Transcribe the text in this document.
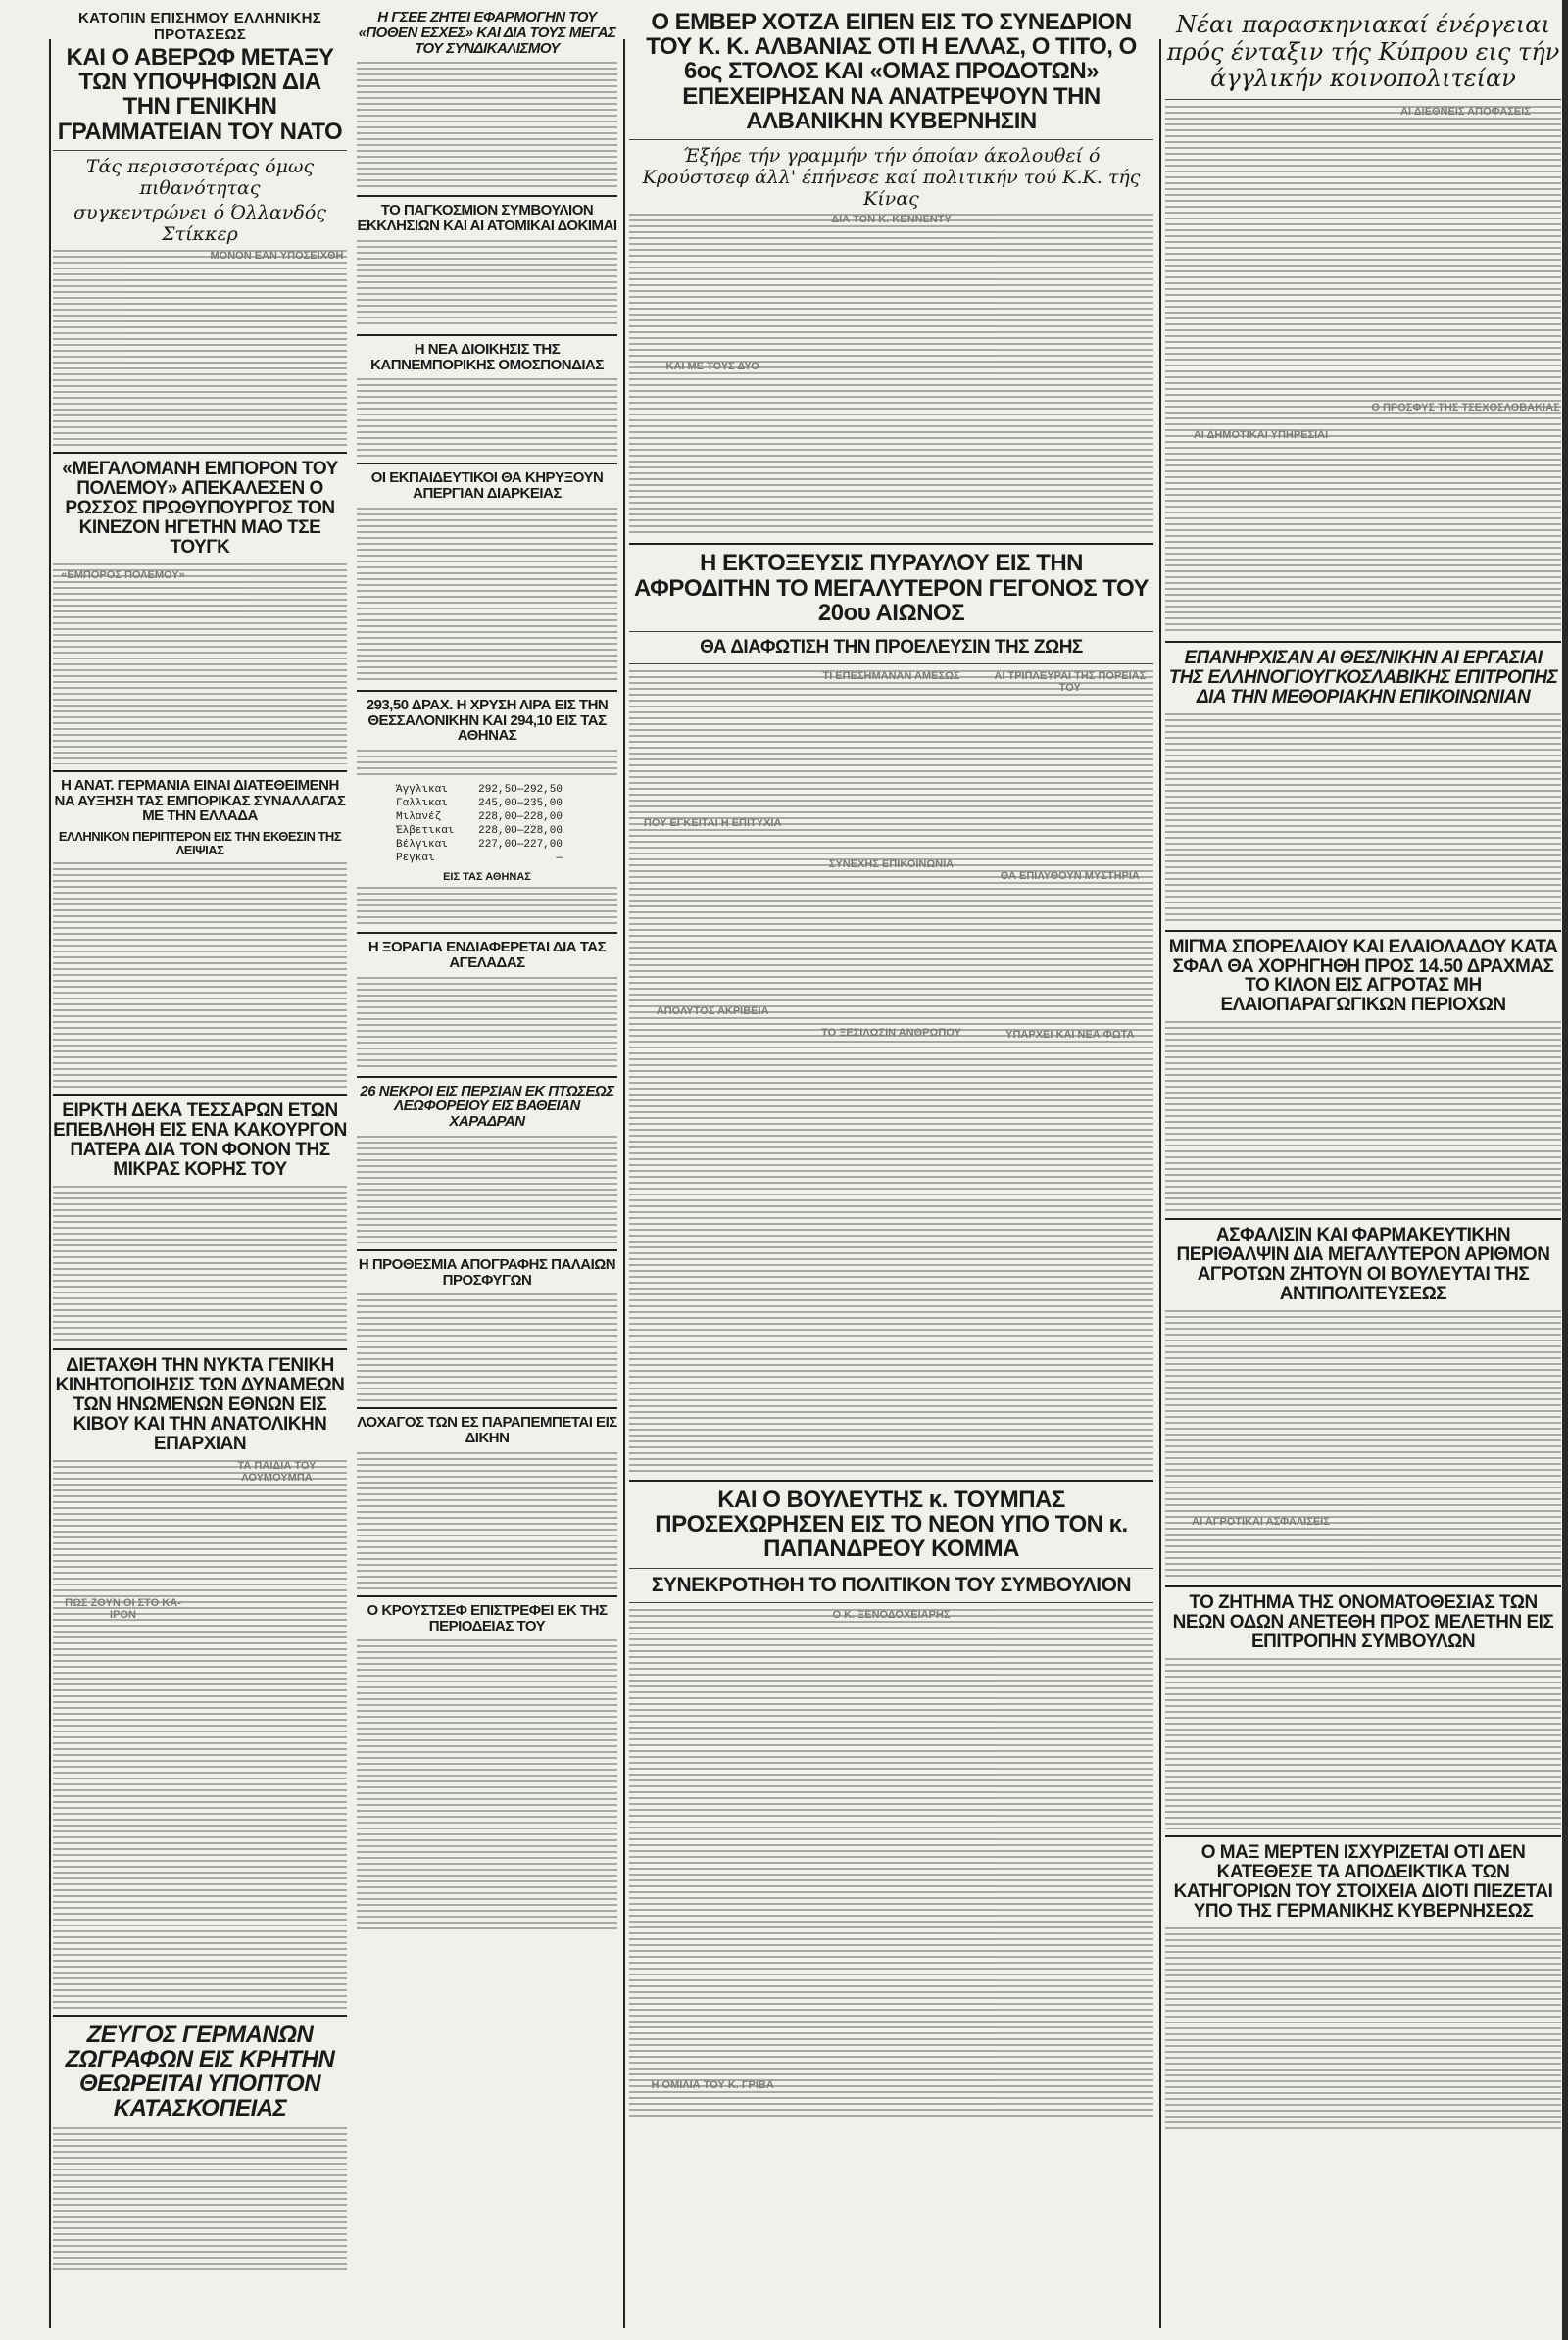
ΚΑΤΟΠΙΝ ΕΠΙΣΗΜΟΥ ΕΛΛΗΝΙΚΗΣ ΠΡΟΤΑΣΕΩΣ
ΚΑΙ Ο ΑΒΕΡΩΦ ΜΕΤΑΞΥ ΤΩΝ ΥΠΟΨΗΦΙΩΝ ΔΙΑ ΤΗΝ ΓΕΝΙΚΗΝ ΓΡΑΜΜΑΤΕΙΑΝ ΤΟΥ ΝΑΤΟ
Τάς περισσοτέρας όμως πιθανότητας
συγκεντρώνει ό Όλλανδός Στίκκερ

ΜΟΝΟΝ ΕΑΝ ΥΠΟΣΕΙΧΘΗ
«ΜΕΓΑΛΟΜΑΝΗ ΕΜΠΟΡΟΝ ΤΟΥ ΠΟΛΕΜΟΥ» ΑΠΕΚΑΛΕΣΕΝ Ο ΡΩΣΣΟΣ ΠΡΩΘΥΠΟΥΡΓΟΣ ΤΟΝ ΚΙΝΕΖΟΝ ΗΓΕΤΗΝ ΜΑΟ ΤΣΕ ΤΟΥΓΚ
«ΕΜΠΟΡΟΣ ΠΟΛΕΜΟΥ»
Η ΑΝΑΤ. ΓΕΡΜΑΝΙΑ ΕΙΝΑΙ ΔΙΑΤΕΘΕΙΜΕΝΗ ΝΑ ΑΥΞΗΣΗ ΤΑΣ ΕΜΠΟΡΙΚΑΣ ΣΥΝΑΛΛΑΓΑΣ ΜΕ ΤΗΝ ΕΛΛΑΔΑ
ΕΛΛΗΝΙΚΟΝ ΠΕΡΙΠΤΕΡΟΝ ΕΙΣ ΤΗΝ ΕΚΘΕΣΙΝ ΤΗΣ ΛΕΙΨΙΑΣ
ΕΙΡΚΤΗ ΔΕΚΑ ΤΕΣΣΑΡΩΝ ΕΤΩΝ ΕΠΕΒΛΗΘΗ ΕΙΣ ΕΝΑ ΚΑΚΟΥΡΓΟΝ ΠΑΤΕΡΑ ΔΙΑ ΤΟΝ ΦΟΝΟΝ ΤΗΣ ΜΙΚΡΑΣ ΚΟΡΗΣ ΤΟΥ
ΔΙΕΤΑΧΘΗ ΤΗΝ ΝΥΚΤΑ ΓΕΝΙΚΗ ΚΙΝΗΤΟΠΟΙΗΣΙΣ ΤΩΝ ΔΥΝΑΜΕΩΝ ΤΩΝ ΗΝΩΜΕΝΩΝ ΕΘΝΩΝ ΕΙΣ ΚΙΒΟΥ ΚΑΙ ΤΗΝ ΑΝΑΤΟΛΙΚΗΝ ΕΠΑΡΧΙΑΝ
ΠΩΣ ΖΟΥΝ ΟΙ ΣΤΟ ΚΑ-ΙΡΟΝ
ΤΑ ΠΑΙΔΙΑ ΤΟΥ ΛΟΥΜΟΥΜΠΑ
ΖΕΥΓΟΣ ΓΕΡΜΑΝΩΝ ΖΩΓΡΑΦΩΝ ΕΙΣ ΚΡΗΤΗΝ ΘΕΩΡΕΙΤΑΙ ΥΠΟΠΤΟΝ ΚΑΤΑΣΚΟΠΕΙΑΣ
Η ΓΣΕΕ ΖΗΤΕΙ ΕΦΑΡΜΟΓΗΝ ΤΟΥ «ΠΟΘΕΝ ΕΣΧΕΣ» ΚΑΙ ΔΙΑ ΤΟΥΣ ΜΕΓΑΣ ΤΟΥ ΣΥΝΔΙΚΑΛΙΣΜΟΥ
ΤΟ ΠΑΓΚΟΣΜΙΟΝ ΣΥΜΒΟΥΛΙΟΝ ΕΚΚΛΗΣΙΩΝ ΚΑΙ ΑΙ ΑΤΟΜΙΚΑΙ ΔΟΚΙΜΑΙ
Η ΝΕΑ ΔΙΟΙΚΗΣΙΣ ΤΗΣ ΚΑΠΝΕΜΠΟΡΙΚΗΣ ΟΜΟΣΠΟΝΔΙΑΣ
ΟΙ ΕΚΠΑΙΔΕΥΤΙΚΟΙ ΘΑ ΚΗΡΥΞΟΥΝ ΑΠΕΡΓΙΑΝ ΔΙΑΡΚΕΙΑΣ
293,50 ΔΡΑΧ. Η ΧΡΥΣΗ ΛΙΡΑ ΕΙΣ ΤΗΝ ΘΕΣΣΑΛΟΝΙΚΗΝ ΚΑΙ 294,10 ΕΙΣ ΤΑΣ ΑΘΗΝΑΣ
Άγγλικαι	292,50—292,50
Γαλλικαι	245,00—235,00
Μιλανέζ	228,00—228,00
Έλβετικαι 228,00—228,00
Βέλγικαι	227,00—227,00
Ρεγκαι	—
ΕΙΣ ΤΑΣ ΑΘΗΝΑΣ
Η ΞΟΡΑΓΙΑ ΕΝΔΙΑΦΕΡΕΤΑΙ ΔΙΑ ΤΑΣ ΑΓΕΛΑΔΑΣ
26 ΝΕΚΡΟΙ ΕΙΣ ΠΕΡΣΙΑΝ ΕΚ ΠΤΩΣΕΩΣ ΛΕΩΦΟΡΕΙΟΥ ΕΙΣ ΒΑΘΕΙΑΝ ΧΑΡΑΔΡΑΝ
Η ΠΡΟΘΕΣΜΙΑ ΑΠΟΓΡΑΦΗΣ ΠΑΛΑΙΩΝ ΠΡΟΣΦΥΓΩΝ
ΛΟΧΑΓΟΣ ΤΩΝ ΕΣ ΠΑΡΑΠΕΜΠΕΤΑΙ ΕΙΣ ΔΙΚΗΝ
Ο ΚΡΟΥΣΤΣΕΦ ΕΠΙΣΤΡΕΦΕΙ ΕΚ ΤΗΣ ΠΕΡΙΟΔΕΙΑΣ ΤΟΥ
Ο ΕΜΒΕΡ ΧΟΤΖΑ ΕΙΠΕΝ ΕΙΣ ΤΟ ΣΥΝΕΔΡΙΟΝ ΤΟΥ Κ. Κ. ΑΛΒΑΝΙΑΣ ΟΤΙ Η ΕΛΛΑΣ, Ο ΤΙΤΟ, Ο 6ος ΣΤΟΛΟΣ ΚΑΙ «ΟΜΑΣ ΠΡΟΔΟΤΩΝ» ΕΠΕΧΕΙΡΗΣΑΝ ΝΑ ΑΝΑΤΡΕΨΟΥΝ ΤΗΝ ΑΛΒΑΝΙΚΗΝ ΚΥΒΕΡΝΗΣΙΝ
Έξήρε τήν γραμμήν τήν όποίαν άκολουθεί ό Κρούστσεφ άλλ' έπήνεσε καί πολιτικήν τού Κ.Κ. τής Κίνας
ΚΑΙ ΜΕ ΤΟΥΣ ΔΥΟ
ΔΙΑ ΤΟΝ Κ. ΚΕΝΝΕΝΤΥ
Η ΕΚΤΟΞΕΥΣΙΣ ΠΥΡΑΥΛΟΥ ΕΙΣ ΤΗΝ ΑΦΡΟΔΙΤΗΝ ΤΟ ΜΕΓΑΛΥΤΕΡΟΝ ΓΕΓΟΝΟΣ ΤΟΥ 20ου ΑΙΩΝΟΣ
ΘΑ ΔΙΑΦΩΤΙΣΗ ΤΗΝ ΠΡΟΕΛΕΥΣΙΝ ΤΗΣ ΖΩΗΣ
ΠΟΥ ΕΓΚΕΙΤΑΙ Η ΕΠΙΤΥΧΙΑ
ΑΠΟΛΥΤΟΣ ΑΚΡΙΒΕΙΑ
ΤΙ ΕΠΕΣΗΜΑΝΑΝ ΑΜΕΣΩΣ
ΣΥΝΕΧΗΣ ΕΠΙΚΟΙΝΩΝΙΑ
ΤΟ ΞΕΣΙΛΩΣΙΝ ΑΝΘΡΩΠΟΥ
ΑΙ ΤΡΙΠΛΕΥΡΑΙ ΤΗΣ ΠΟΡΕΙΑΣ ΤΟΥ
ΘΑ ΕΠΙΛΥΘΟΥΝ ΜΥΣΤΗΡΙΑ
ΥΠΑΡΧΕΙ ΚΑΙ ΝΕΑ ΦΩΤΑ
ΚΑΙ Ο ΒΟΥΛΕΥΤΗΣ κ. ΤΟΥΜΠΑΣ ΠΡΟΣΕΧΩΡΗΣΕΝ ΕΙΣ ΤΟ ΝΕΟΝ ΥΠΟ ΤΟΝ κ. ΠΑΠΑΝΔΡΕΟΥ ΚΟΜΜΑ
ΣΥΝΕΚΡΟΤΗΘΗ ΤΟ ΠΟΛΙΤΙΚΟΝ ΤΟΥ ΣΥΜΒΟΥΛΙΟΝ
Η ΟΜΙΛΙΑ ΤΟΥ Κ. ΓΡΙΒΑ
Ο Κ. ΞΕΝΟΔΟΧΕΙΑΡΗΣ
Νέαι παρασκηνιακαί ένέργειαι πρός ένταξιν τής Κύπρου εις τήν άγγλικήν κοινοπολιτείαν
ΑΙ ΔΗΜΟΤΙΚΑΙ ΥΠΗΡΕΣΙΑΙ
ΑΙ ΔΙΕΘΝΕΙΣ ΑΠΟΦΑΣΕΙΣ
Ο ΠΡΟΣΦΥΣ ΤΗΣ ΤΣΕΧΟΣΛΟΒΑΚΙΑΣ
ΕΠΑΝΗΡΧΙΣΑΝ ΑΙ ΘΕΣ/ΝΙΚΗΝ ΑΙ ΕΡΓΑΣΙΑΙ ΤΗΣ ΕΛΛΗΝΟΓΙΟΥΓΚΟΣΛΑΒΙΚΗΣ ΕΠΙΤΡΟΠΗΣ ΔΙΑ ΤΗΝ ΜΕΘΟΡΙΑΚΗΝ ΕΠΙΚΟΙΝΩΝΙΑΝ
ΜΙΓΜΑ ΣΠΟΡΕΛΑΙΟΥ ΚΑΙ ΕΛΑΙΟΛΑΔΟΥ ΚΑΤΑ ΣΦΑΛ ΘΑ ΧΟΡΗΓΗΘΗ ΠΡΟΣ 14.50 ΔΡΑΧΜΑΣ ΤΟ ΚΙΛΟΝ ΕΙΣ ΑΓΡΟΤΑΣ ΜΗ ΕΛΑΙΟΠΑΡΑΓΩΓΙΚΩΝ ΠΕΡΙΟΧΩΝ
ΑΣΦΑΛΙΣΙΝ ΚΑΙ ΦΑΡΜΑΚΕΥΤΙΚΗΝ ΠΕΡΙΘΑΛΨΙΝ ΔΙΑ ΜΕΓΑΛΥΤΕΡΟΝ ΑΡΙΘΜΟΝ ΑΓΡΟΤΩΝ ΖΗΤΟΥΝ ΟΙ ΒΟΥΛΕΥΤΑΙ ΤΗΣ ΑΝΤΙΠΟΛΙΤΕΥΣΕΩΣ
ΑΙ ΑΓΡΟΤΙΚΑΙ ΑΣΦΑΛΙΣΕΙΣ
ΤΟ ΖΗΤΗΜΑ ΤΗΣ ΟΝΟΜΑΤΟΘΕΣΙΑΣ ΤΩΝ ΝΕΩΝ ΟΔΩΝ ΑΝΕΤΕΘΗ ΠΡΟΣ ΜΕΛΕΤΗΝ ΕΙΣ ΕΠΙΤΡΟΠΗΝ ΣΥΜΒΟΥΛΩΝ
Ο ΜΑΞ ΜΕΡΤΕΝ ΙΣΧΥΡΙΖΕΤΑΙ ΟΤΙ ΔΕΝ ΚΑΤΕΘΕΣΕ ΤΑ ΑΠΟΔΕΙΚΤΙΚΑ ΤΩΝ ΚΑΤΗΓΟΡΙΩΝ ΤΟΥ ΣΤΟΙΧΕΙΑ ΔΙΟΤΙ ΠΙΕΖΕΤΑΙ ΥΠΟ ΤΗΣ ΓΕΡΜΑΝΙΚΗΣ ΚΥΒΕΡΝΗΣΕΩΣ
